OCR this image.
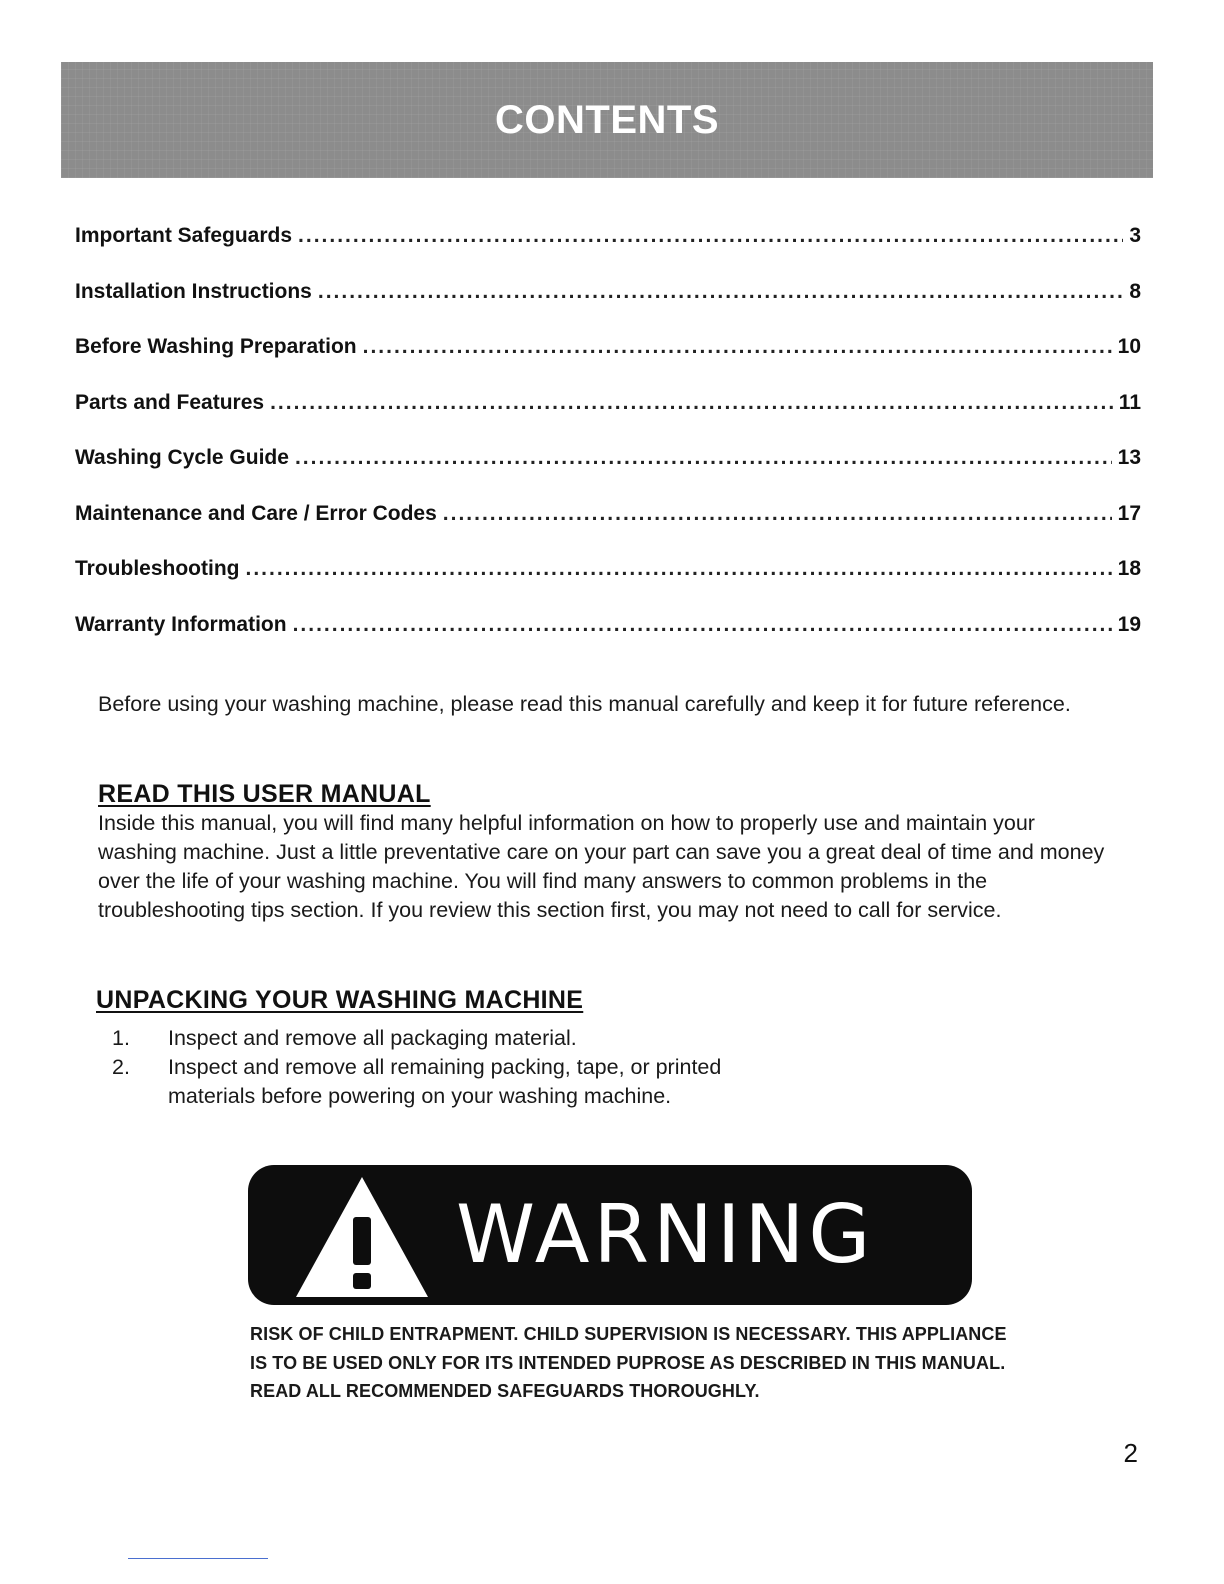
CONTENTS
Important Safeguards .....	3
Installation Instructions .....	8
Before Washing Preparation .....	10
Parts and Features .....	11
Washing Cycle Guide .....	13
Maintenance and Care / Error Codes .....	17
Troubleshooting .....	18
Warranty Information .....	19

Before using your washing machine, please read this manual carefully and keep it for future reference.

READ THIS USER MANUAL

Inside this manual, you will find many helpful information on how to properly use and maintain your washing machine. Just a little preventative care on your part can save you a great deal of time and money over the life of your washing machine. You will find many answers to common problems in the troubleshooting tips section. If you review this section first, you may not need to call for service.

UNPACKING YOUR WASHING MACHINE
1.	Inspect and remove all packaging material.
2.	Inspect and remove all remaining packing, tape, or printed materials before powering on your washing machine.
WARNING

RISK OF CHILD ENTRAPMENT. CHILD SUPERVISION IS NECESSARY. THIS APPLIANCE IS TO BE USED ONLY FOR ITS INTENDED PUPROSE AS DESCRIBED IN THIS MANUAL. READ ALL RECOMMENDED SAFEGUARDS THOROUGHLY.

2
